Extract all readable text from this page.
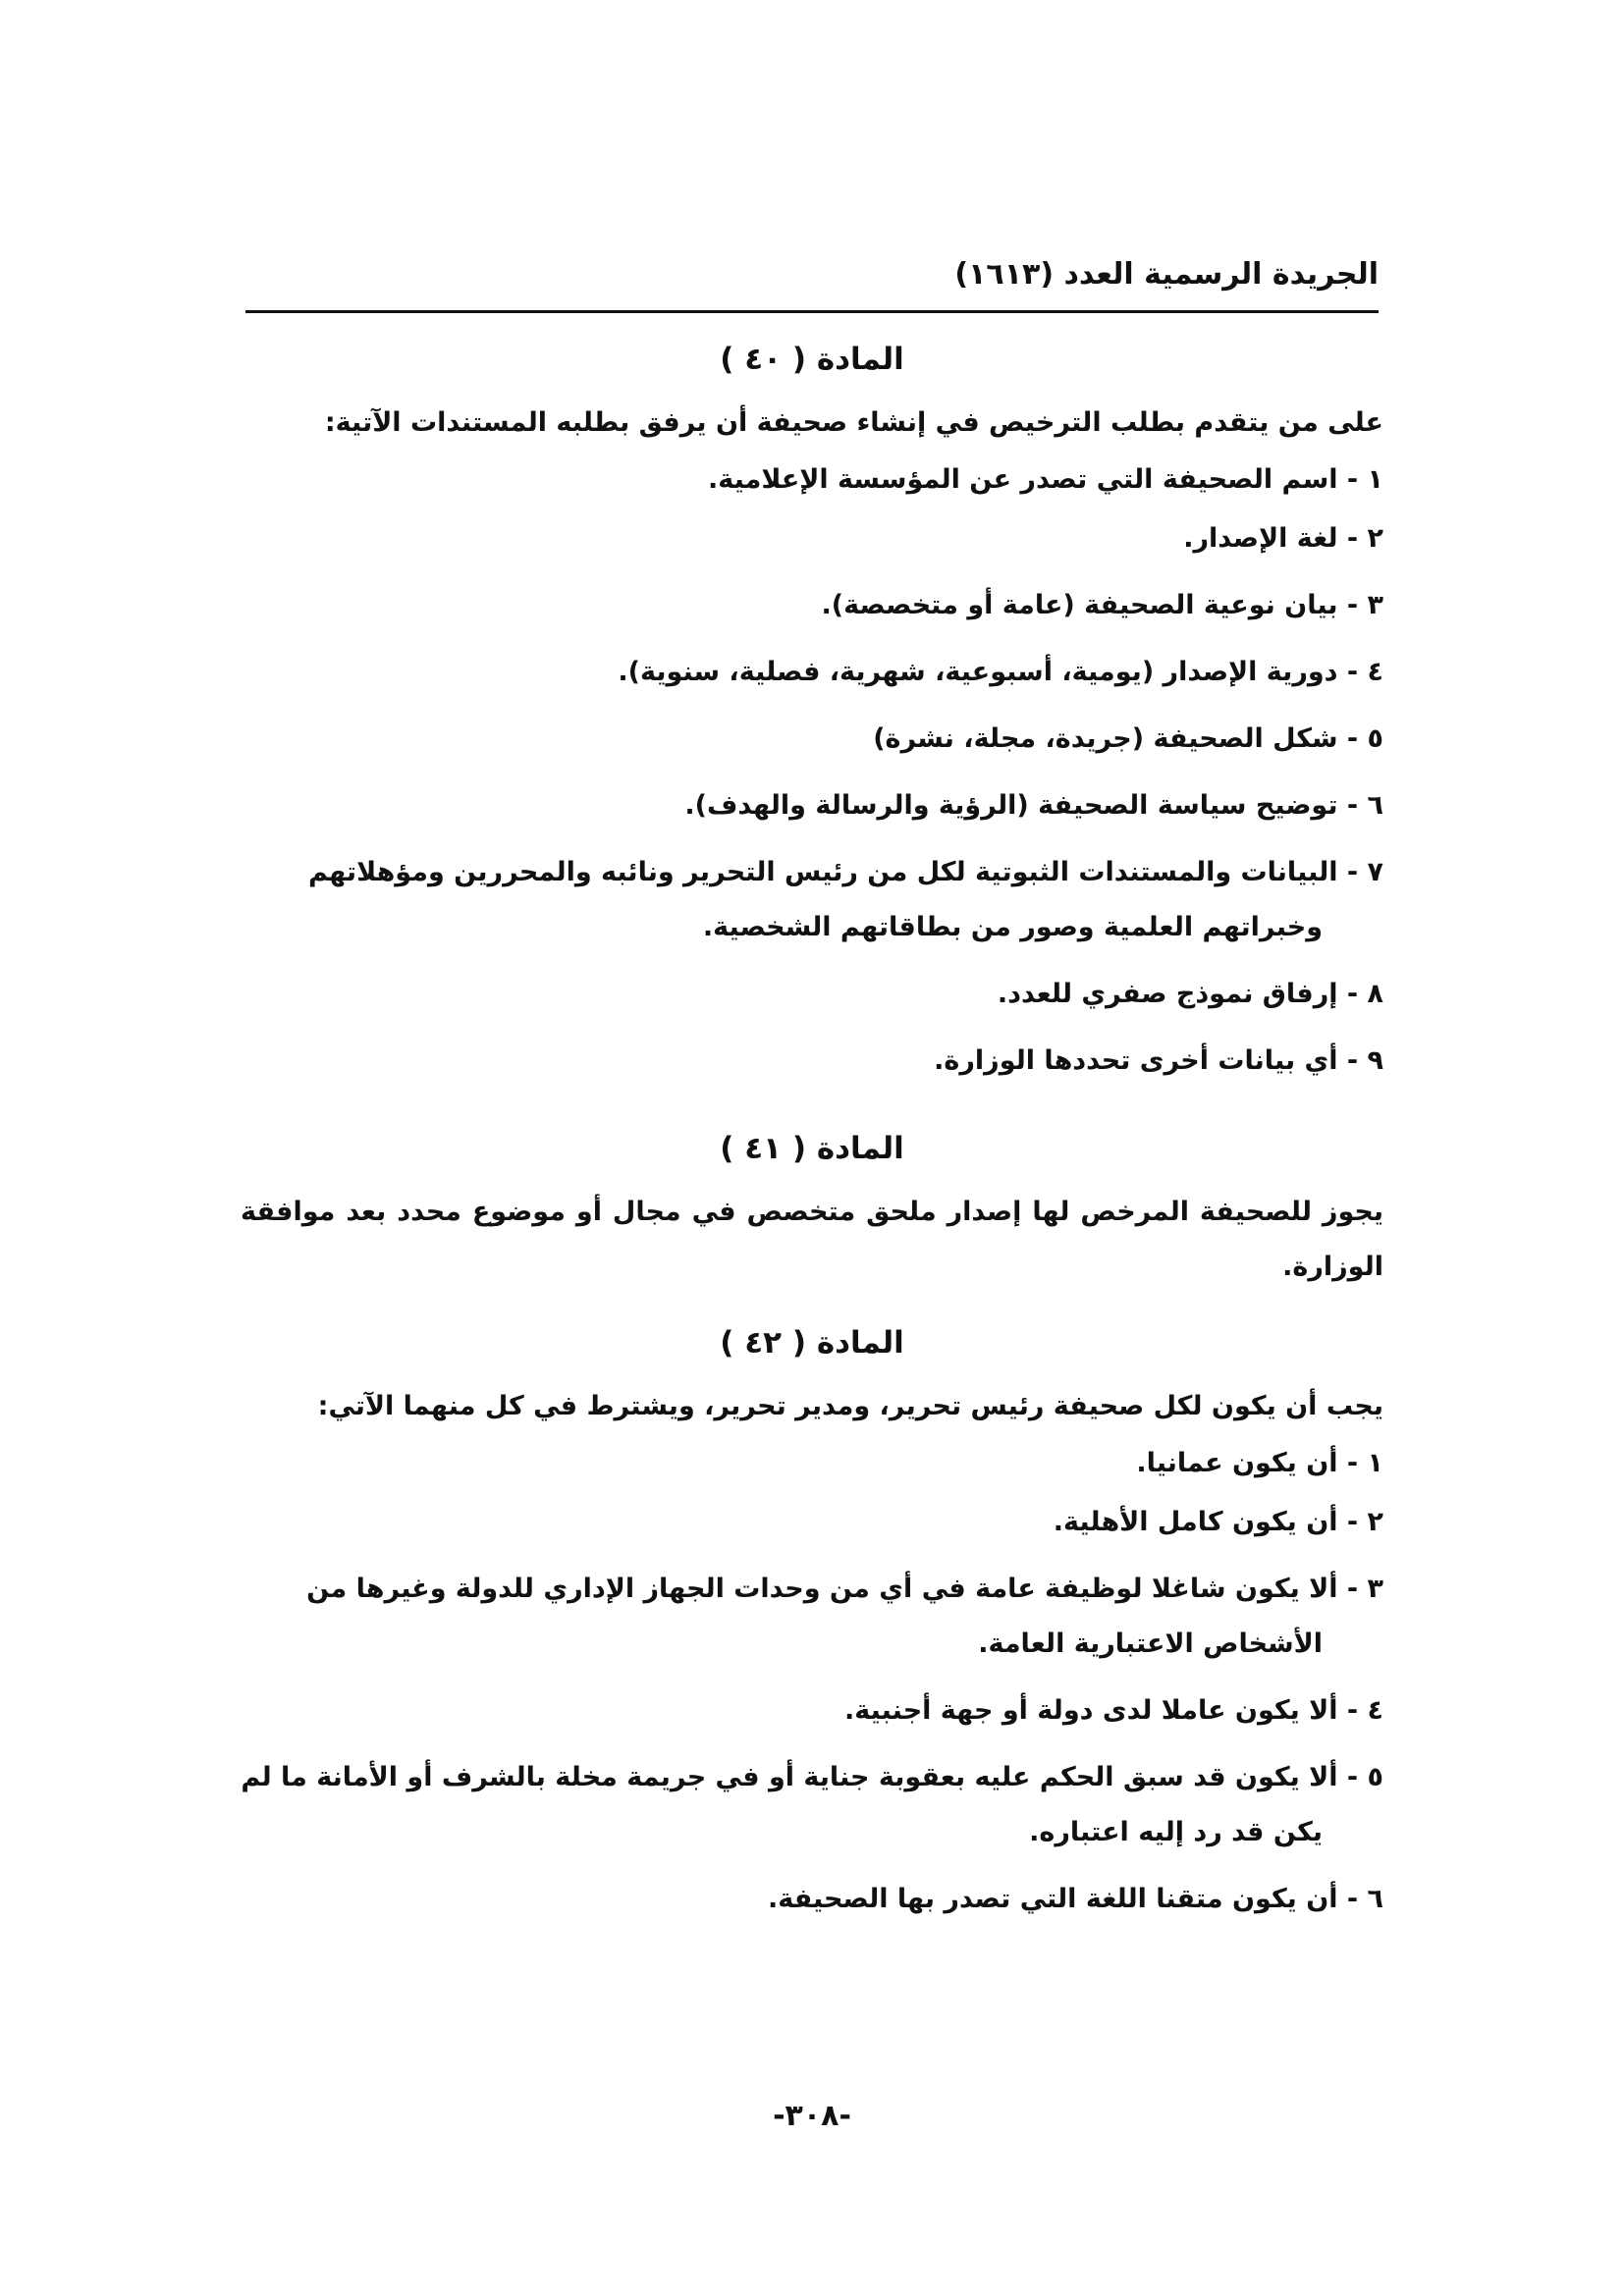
الجريدة الرسمية العدد (١٦١٣)
المادة ( ٤٠ )

على من يتقدم بطلب الترخيص في إنشاء صحيفة أن يرفق بطلبه المستندات الآتية:

١ - اسم الصحيفة التي تصدر عن المؤسسة الإعلامية.
٢ - لغة الإصدار.
٣ - بيان نوعية الصحيفة (عامة أو متخصصة).
٤ - دورية الإصدار (يومية، أسبوعية، شهرية، فصلية، سنوية).
٥ - شكل الصحيفة (جريدة، مجلة، نشرة)
٦ - توضيح سياسة الصحيفة (الرؤية والرسالة والهدف).
٧ - البيانات والمستندات الثبوتية لكل من رئيس التحرير ونائبه والمحررين ومؤهلاتهم وخبراتهم العلمية وصور من بطاقاتهم الشخصية.
٨ - إرفاق نموذج صفري للعدد.
٩ - أي بيانات أخرى تحددها الوزارة.
المادة ( ٤١ )

يجوز للصحيفة المرخص لها إصدار ملحق متخصص في مجال أو موضوع محدد بعد موافقة الوزارة.

المادة ( ٤٢ )

يجب أن يكون لكل صحيفة رئيس تحرير، ومدير تحرير، ويشترط في كل منهما الآتي:

١ - أن يكون عمانيا.
٢ - أن يكون كامل الأهلية.
٣ - ألا يكون شاغلا لوظيفة عامة في أي من وحدات الجهاز الإداري للدولة وغيرها من الأشخاص الاعتبارية العامة.
٤ - ألا يكون عاملا لدى دولة أو جهة أجنبية.
٥ - ألا يكون قد سبق الحكم عليه بعقوبة جناية أو في جريمة مخلة بالشرف أو الأمانة ما لم يكن قد رد إليه اعتباره.
٦ - أن يكون متقنا اللغة التي تصدر بها الصحيفة.
-٣٠٨-
